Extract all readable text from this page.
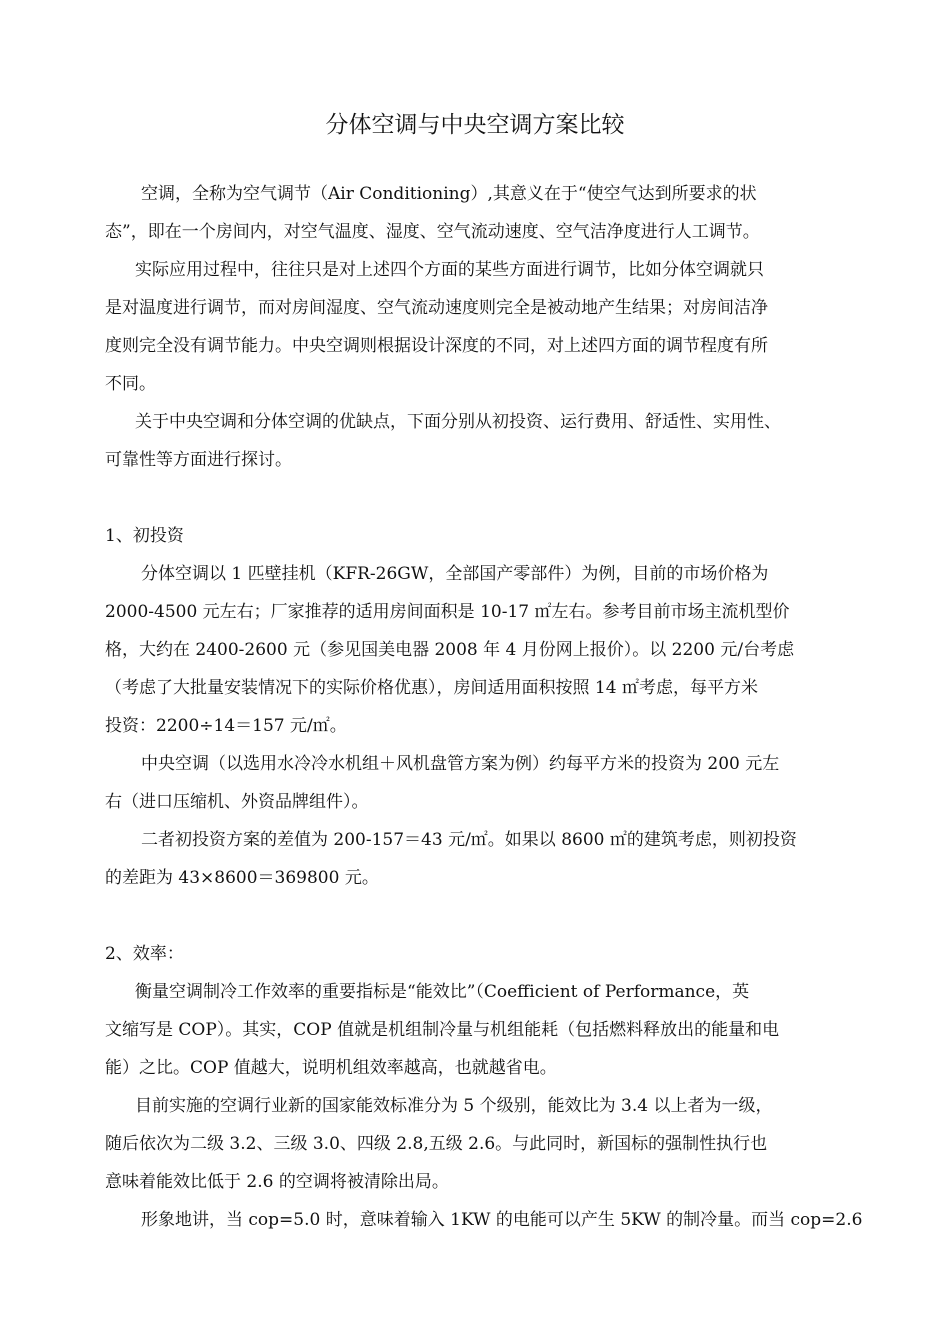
分体空调与中央空调方案比较
空调，全称为空气调节（Air Conditioning）,其意义在于“使空气达到所要求的状
态”，即在一个房间内，对空气温度、湿度、空气流动速度、空气洁净度进行人工调节。
实际应用过程中，往往只是对上述四个方面的某些方面进行调节，比如分体空调就只
是对温度进行调节，而对房间湿度、空气流动速度则完全是被动地产生结果；对房间洁净
度则完全没有调节能力。中央空调则根据设计深度的不同，对上述四方面的调节程度有所
不同。
关于中央空调和分体空调的优缺点，下面分别从初投资、运行费用、舒适性、实用性、
可靠性等方面进行探讨。
1、初投资
分体空调以 1 匹壁挂机（KFR-26GW，全部国产零部件）为例，目前的市场价格为
2000-4500 元左右；厂家推荐的适用房间面积是 10-17 ㎡左右。参考目前市场主流机型价
格，大约在 2400-2600 元（参见国美电器 2008 年 4 月份网上报价）。以 2200 元/台考虑
（考虑了大批量安装情况下的实际价格优惠），房间适用面积按照 14 ㎡考虑，每平方米
投资：2200÷14＝157 元/㎡。
中央空调（以选用水冷冷水机组＋风机盘管方案为例）约每平方米的投资为 200 元左
右（进口压缩机、外资品牌组件）。
二者初投资方案的差值为 200-157＝43 元/㎡。如果以 8600 ㎡的建筑考虑，则初投资
的差距为 43×8600＝369800 元。
2、效率：
衡量空调制冷工作效率的重要指标是“能效比”（Coefficient of Performance，英
文缩写是 COP）。其实，COP 值就是机组制冷量与机组能耗（包括燃料释放出的能量和电
能）之比。COP 值越大，说明机组效率越高，也就越省电。
目前实施的空调行业新的国家能效标准分为 5 个级别，能效比为 3.4 以上者为一级，
随后依次为二级 3.2、三级 3.0、四级 2.8,五级 2.6。与此同时，新国标的强制性执行也
意味着能效比低于 2.6 的空调将被清除出局。
形象地讲，当 cop=5.0 时，意味着输入 1KW 的电能可以产生 5KW 的制冷量。而当 cop=2.6
